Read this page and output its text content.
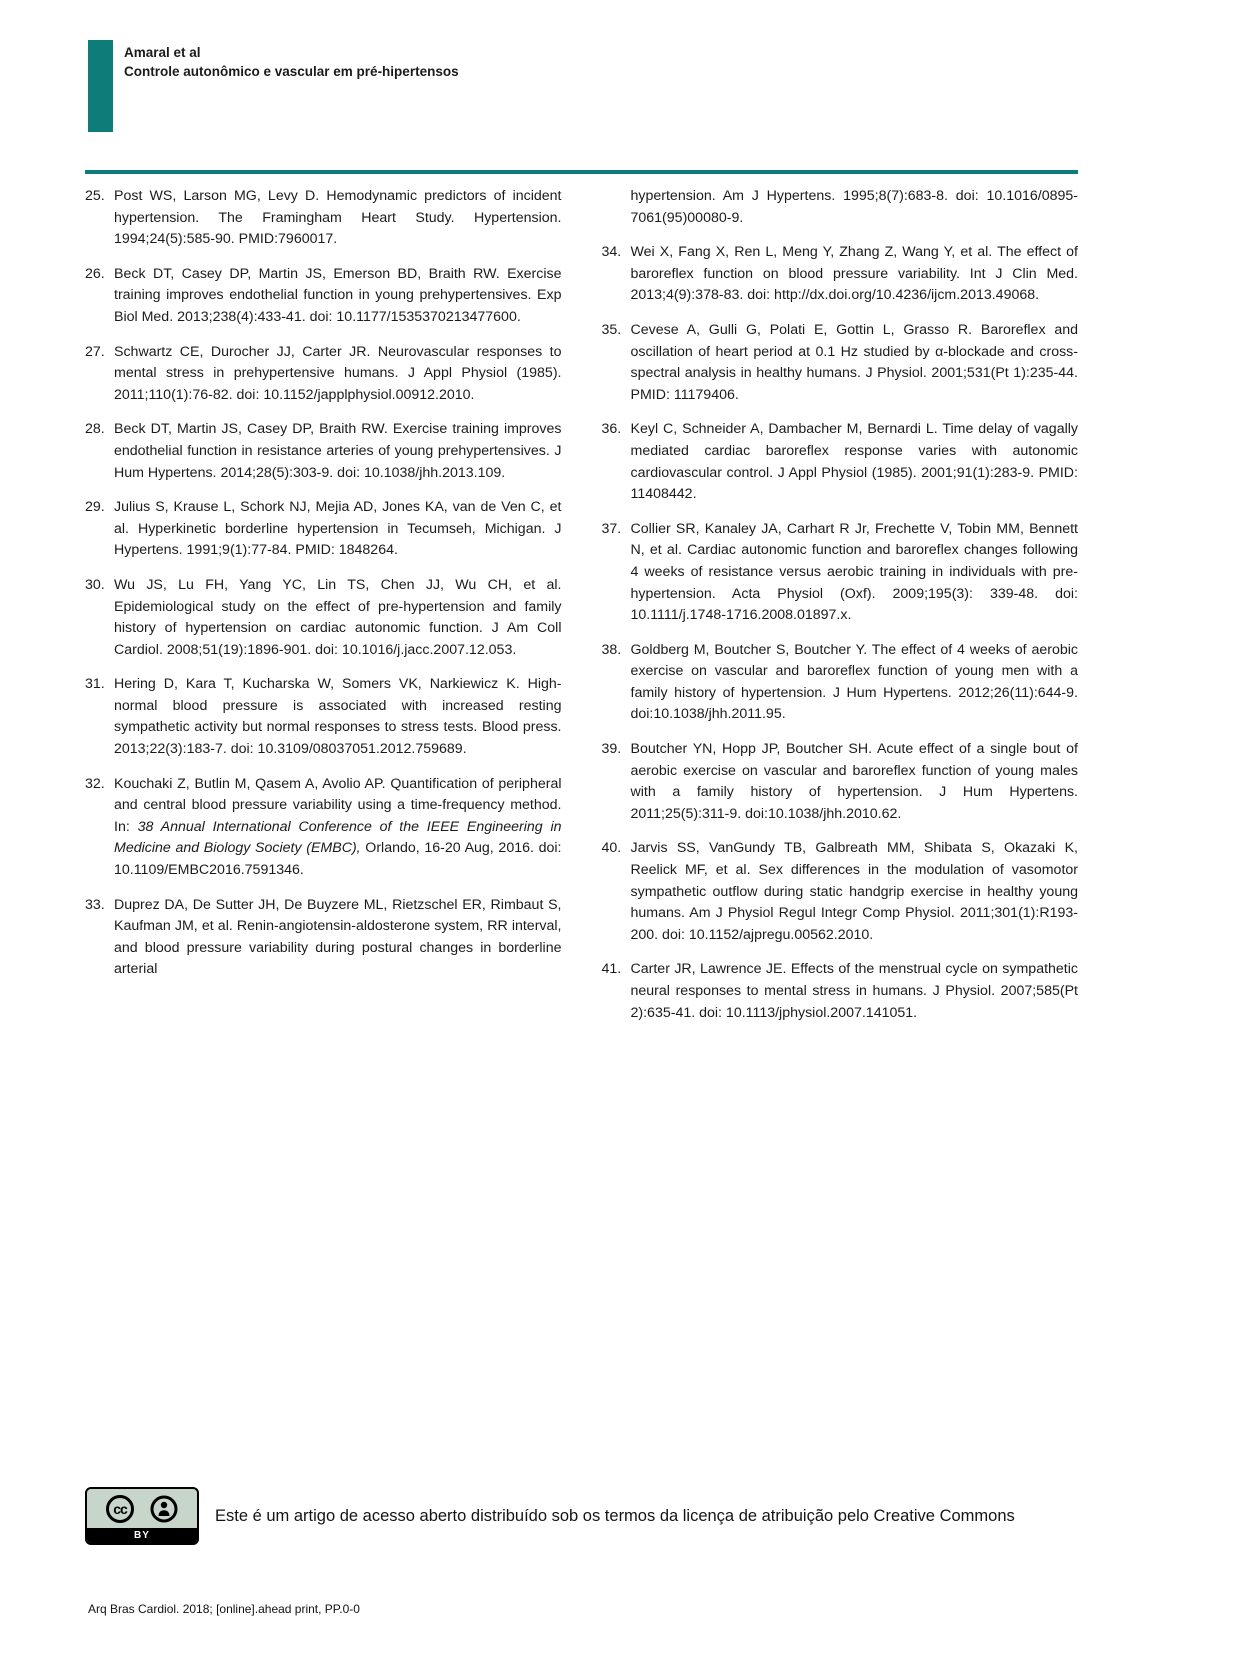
Amaral et al
Controle autonômico e vascular em pré-hipertensos
25. Post WS, Larson MG, Levy D. Hemodynamic predictors of incident hypertension. The Framingham Heart Study. Hypertension. 1994;24(5):585-90. PMID:7960017.
26. Beck DT, Casey DP, Martin JS, Emerson BD, Braith RW. Exercise training improves endothelial function in young prehypertensives. Exp Biol Med. 2013;238(4):433-41. doi: 10.1177/1535370213477600.
27. Schwartz CE, Durocher JJ, Carter JR. Neurovascular responses to mental stress in prehypertensive humans. J Appl Physiol (1985). 2011;110(1):76-82. doi: 10.1152/japplphysiol.00912.2010.
28. Beck DT, Martin JS, Casey DP, Braith RW. Exercise training improves endothelial function in resistance arteries of young prehypertensives. J Hum Hypertens. 2014;28(5):303-9. doi: 10.1038/jhh.2013.109.
29. Julius S, Krause L, Schork NJ, Mejia AD, Jones KA, van de Ven C, et al. Hyperkinetic borderline hypertension in Tecumseh, Michigan. J Hypertens. 1991;9(1):77-84. PMID: 1848264.
30. Wu JS, Lu FH, Yang YC, Lin TS, Chen JJ, Wu CH, et al. Epidemiological study on the effect of pre-hypertension and family history of hypertension on cardiac autonomic function. J Am Coll Cardiol. 2008;51(19):1896-901. doi: 10.1016/j.jacc.2007.12.053.
31. Hering D, Kara T, Kucharska W, Somers VK, Narkiewicz K. High-normal blood pressure is associated with increased resting sympathetic activity but normal responses to stress tests. Blood press. 2013;22(3):183-7. doi: 10.3109/08037051.2012.759689.
32. Kouchaki Z, Butlin M, Qasem A, Avolio AP. Quantification of peripheral and central blood pressure variability using a time-frequency method. In: 38 Annual International Conference of the IEEE Engineering in Medicine and Biology Society (EMBC), Orlando, 16-20 Aug, 2016. doi: 10.1109/EMBC2016.7591346.
33. Duprez DA, De Sutter JH, De Buyzere ML, Rietzschel ER, Rimbaut S, Kaufman JM, et al. Renin-angiotensin-aldosterone system, RR interval, and blood pressure variability during postural changes in borderline arterial
hypertension. Am J Hypertens. 1995;8(7):683-8. doi: 10.1016/0895-7061(95)00080-9.
34. Wei X, Fang X, Ren L, Meng Y, Zhang Z, Wang Y, et al. The effect of baroreflex function on blood pressure variability. Int J Clin Med. 2013;4(9):378-83. doi: http://dx.doi.org/10.4236/ijcm.2013.49068.
35. Cevese A, Gulli G, Polati E, Gottin L, Grasso R. Baroreflex and oscillation of heart period at 0.1 Hz studied by α-blockade and cross-spectral analysis in healthy humans. J Physiol. 2001;531(Pt 1):235-44. PMID: 11179406.
36. Keyl C, Schneider A, Dambacher M, Bernardi L. Time delay of vagally mediated cardiac baroreflex response varies with autonomic cardiovascular control. J Appl Physiol (1985). 2001;91(1):283-9. PMID: 11408442.
37. Collier SR, Kanaley JA, Carhart R Jr, Frechette V, Tobin MM, Bennett N, et al. Cardiac autonomic function and baroreflex changes following 4 weeks of resistance versus aerobic training in individuals with pre-hypertension. Acta Physiol (Oxf). 2009;195(3): 339-48. doi: 10.1111/j.1748-1716.2008.01897.x.
38. Goldberg M, Boutcher S, Boutcher Y. The effect of 4 weeks of aerobic exercise on vascular and baroreflex function of young men with a family history of hypertension. J Hum Hypertens. 2012;26(11):644-9. doi:10.1038/jhh.2011.95.
39. Boutcher YN, Hopp JP, Boutcher SH. Acute effect of a single bout of aerobic exercise on vascular and baroreflex function of young males with a family history of hypertension. J Hum Hypertens. 2011;25(5):311-9. doi:10.1038/jhh.2010.62.
40. Jarvis SS, VanGundy TB, Galbreath MM, Shibata S, Okazaki K, Reelick MF, et al. Sex differences in the modulation of vasomotor sympathetic outflow during static handgrip exercise in healthy young humans. Am J Physiol Regul Integr Comp Physiol. 2011;301(1):R193-200. doi: 10.1152/ajpregu.00562.2010.
41. Carter JR, Lawrence JE. Effects of the menstrual cycle on sympathetic neural responses to mental stress in humans. J Physiol. 2007;585(Pt 2):635-41. doi: 10.1113/jphysiol.2007.141051.
cc
BY

Este é um artigo de acesso aberto distribuído sob os termos da licença de atribuição pelo Creative Commons

Arq Bras Cardiol. 2018; [online].ahead print, PP.0-0
